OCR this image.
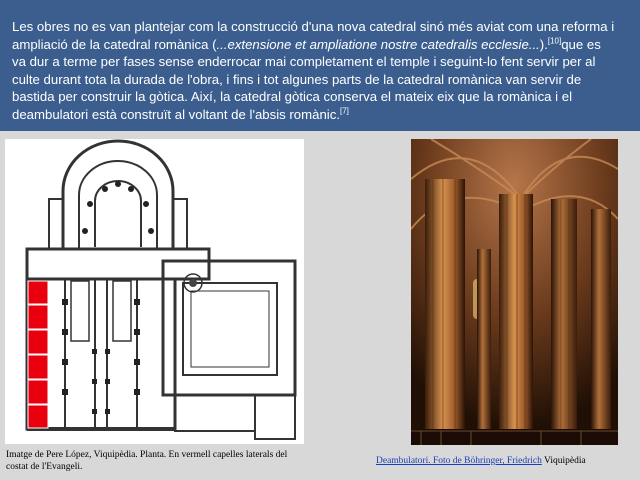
Les obres no es van plantejar com la construcció d'una nova catedral sinó més aviat com una reforma i ampliació de la catedral romànica (...extensione et ampliatione nostre catedralis ecclesie...).[10]que es va dur a terme per fases sense enderrocar mai completament el temple i seguint-lo fent servir per al culte durant tota la durada de l'obra, i fins i tot algunes parts de la catedral romànica van servir de bastida per construir la gòtica. Així, la catedral gòtica conserva el mateix eix que la romànica i el deambulatori està construït al voltant de l'absis romànic.[7]

Imatge de Pere López, Viquipèdia. Planta. En vermell capelles laterals del costat de l'Evangeli.

Deambulatori. Foto de Böhringer, Friedrich Viquipèdia
